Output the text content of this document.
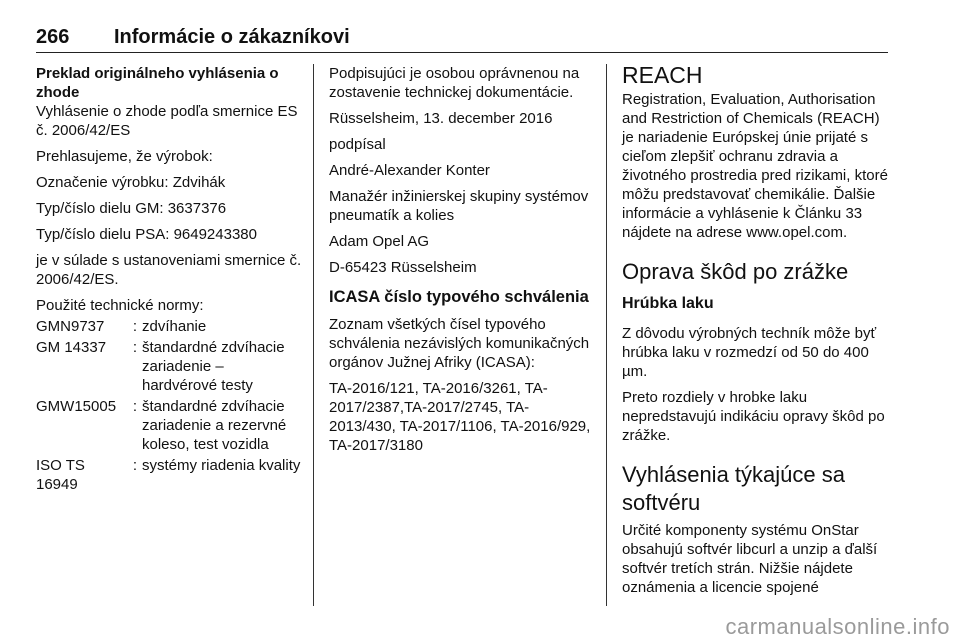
266	Informácie o zákazníkovi
Preklad originálneho vyhlásenia o zhode

Vyhlásenie o zhode podľa smernice ES č. 2006/42/ES

Prehlasujeme, že výrobok:

Označenie výrobku: Zdvihák

Typ/číslo dielu GM: 3637376

Typ/číslo dielu PSA: 9649243380

je v súlade s ustanoveniami smernice č. 2006/42/ES.

Použité technické normy:

GMN9737	:	zdvíhanie
GM 14337	:	štandardné zdvíhacie zariadenie – hardvérové testy
GMW15005	:	štandardné zdvíhacie zariadenie a rezervné koleso, test vozidla
ISO TS 16949	:	systémy riadenia kvality

Podpisujúci je osobou oprávnenou na zostavenie technickej dokumentácie.

Rüsselsheim, 13. december 2016

podpísal

André-Alexander Konter

Manažér inžinierskej skupiny systémov pneumatík a kolies

Adam Opel AG

D-65423 Rüsselsheim

ICASA číslo typového schválenia

Zoznam všetkých čísel typového schválenia nezávislých komunikačných orgánov Južnej Afriky (ICASA):

TA-2016/121, TA-2016/3261, TA-2017/2387,TA-2017/2745, TA-2013/430, TA-2017/1106, TA-2016/929, TA-2017/3180

REACH

Registration, Evaluation, Authorisation and Restriction of Chemicals (REACH) je nariadenie Európskej únie prijaté s cieľom zlepšiť ochranu zdravia a životného prostredia pred rizikami, ktoré môžu predstavovať chemikálie. Ďalšie informácie a vyhlásenie k Článku 33 nájdete na adrese www.opel.com.

Oprava škôd po zrážke
Hrúbka laku

Z dôvodu výrobných techník môže byť hrúbka laku v rozmedzí od 50 do 400 µm.

Preto rozdiely v hrobke laku nepredstavujú indikáciu opravy škôd po zrážke.

Vyhlásenia týkajúce sa softvéru

Určité komponenty systému OnStar obsahujú softvér libcurl a unzip a ďalší softvér tretích strán. Nižšie nájdete oznámenia a licencie spojené

carmanualsonline.info
